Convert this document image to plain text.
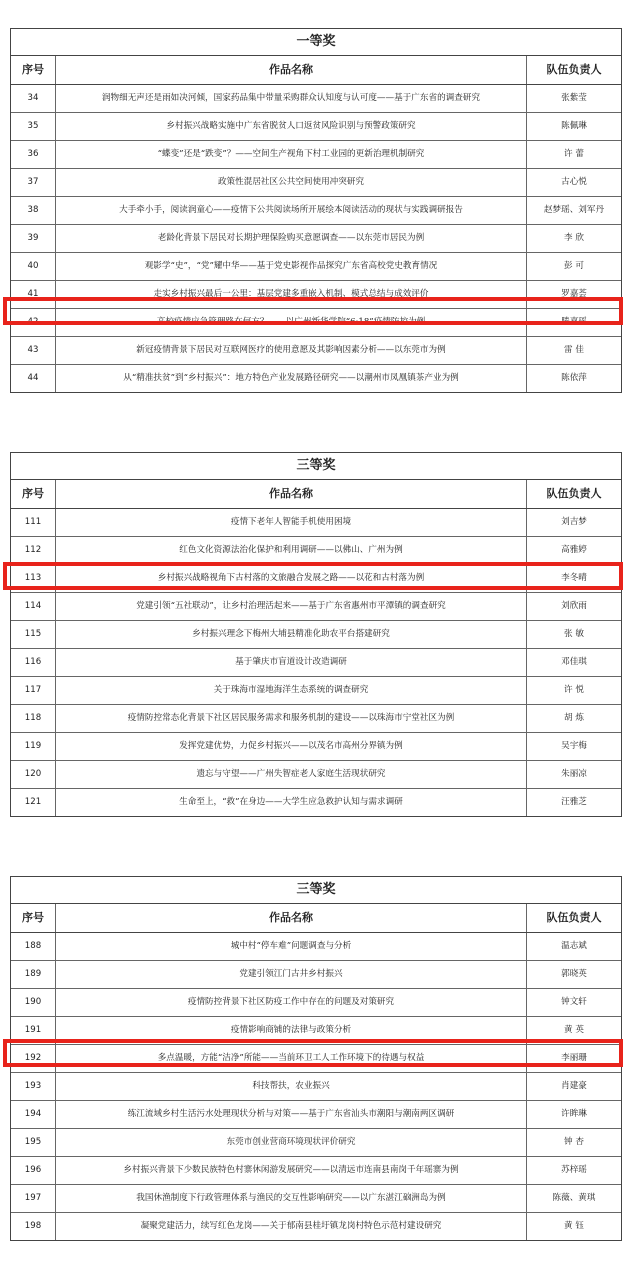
一等奖
序号	作品名称	队伍负责人
34	润物细无声还是雨如决河倾，国家药品集中带量采购群众认知度与认可度——基于广东省的调查研究	张紫莹
35	乡村振兴战略实施中广东省脱贫人口返贫风险识别与预警政策研究	陈佩琳
36	“蝶变”还是“跌变”？——空间生产视角下村工业园的更新治理机制研究	许 蕾
37	政策性混居社区公共空间使用冲突研究	古心悦
38	大手牵小手，阅读润童心——疫情下公共阅读场所开展绘本阅读活动的现状与实践调研报告	赵梦瑶、刘军丹
39	老龄化背景下居民对长期护理保险购买意愿调查——以东莞市居民为例	李 欣
40	观影学“史”，“党”耀中华——基于党史影视作品探究广东省高校党史教育情况	彭 可
41	走实乡村振兴最后一公里：基层党建多重嵌入机制、模式总结与成效评价	罗嘉荟
42	高校疫情应急管理路在何方？——以广州新华学院“6·18”疫情防控为例	滕嘉瑶
43	新冠疫情背景下居民对互联网医疗的使用意愿及其影响因素分析——以东莞市为例	雷 佳
44	从“精准扶贫”到“乡村振兴”：地方特色产业发展路径研究——以潮州市凤凰镇茶产业为例	陈依萍
三等奖
序号	作品名称	队伍负责人
111	疫情下老年人智能手机使用困境	刘吉梦
112	红色文化资源法治化保护和利用调研——以佛山、广州为例	高雅婷
113	乡村振兴战略视角下古村落的文旅融合发展之路——以花和古村落为例	李冬晴
114	党建引领“五社联动”，让乡村治理活起来——基于广东省惠州市平潭镇的调查研究	刘欣雨
115	乡村振兴理念下梅州大埔县精准化助农平台搭建研究	张 敏
116	基于肇庆市盲道设计改造调研	邓佳琪
117	关于珠海市湿地海洋生态系统的调查研究	许 悦
118	疫情防控常态化背景下社区居民服务需求和服务机制的建设——以珠海市宁堂社区为例	胡 炼
119	发挥党建优势，力促乡村振兴——以茂名市高州分界镇为例	吴宇梅
120	遗忘与守望——广州失智症老人家庭生活现状研究	朱丽凉
121	生命至上，“救”在身边——大学生应急救护认知与需求调研	汪雅芝
三等奖
序号	作品名称	队伍负责人
188	城中村“停车难”问题调查与分析	温志斌
189	党建引领江门古井乡村振兴	郭晓英
190	疫情防控背景下社区防疫工作中存在的问题及对策研究	钟文轩
191	疫情影响商铺的法律与政策分析	黄 英
192	多点温暖，方能“洁净”所能——当前环卫工人工作环境下的待遇与权益	李丽珊
193	科技帮扶，农业振兴	肖建豪
194	练江流域乡村生活污水处理现状分析与对策——基于广东省汕头市潮阳与潮南两区调研	许眸琳
195	东莞市创业营商环境现状评价研究	钟 杏
196	乡村振兴背景下少数民族特色村寨休闲游发展研究——以清远市连南县南岗千年瑶寨为例	苏梓瑶
197	我国休渔制度下行政管理体系与渔民的交互性影响研究——以广东湛江硇洲岛为例	陈薇、黄琪
198	凝聚党建活力，续写红色龙岗——关于郁南县桂圩镇龙岗村特色示范村建设研究	黄 钰
